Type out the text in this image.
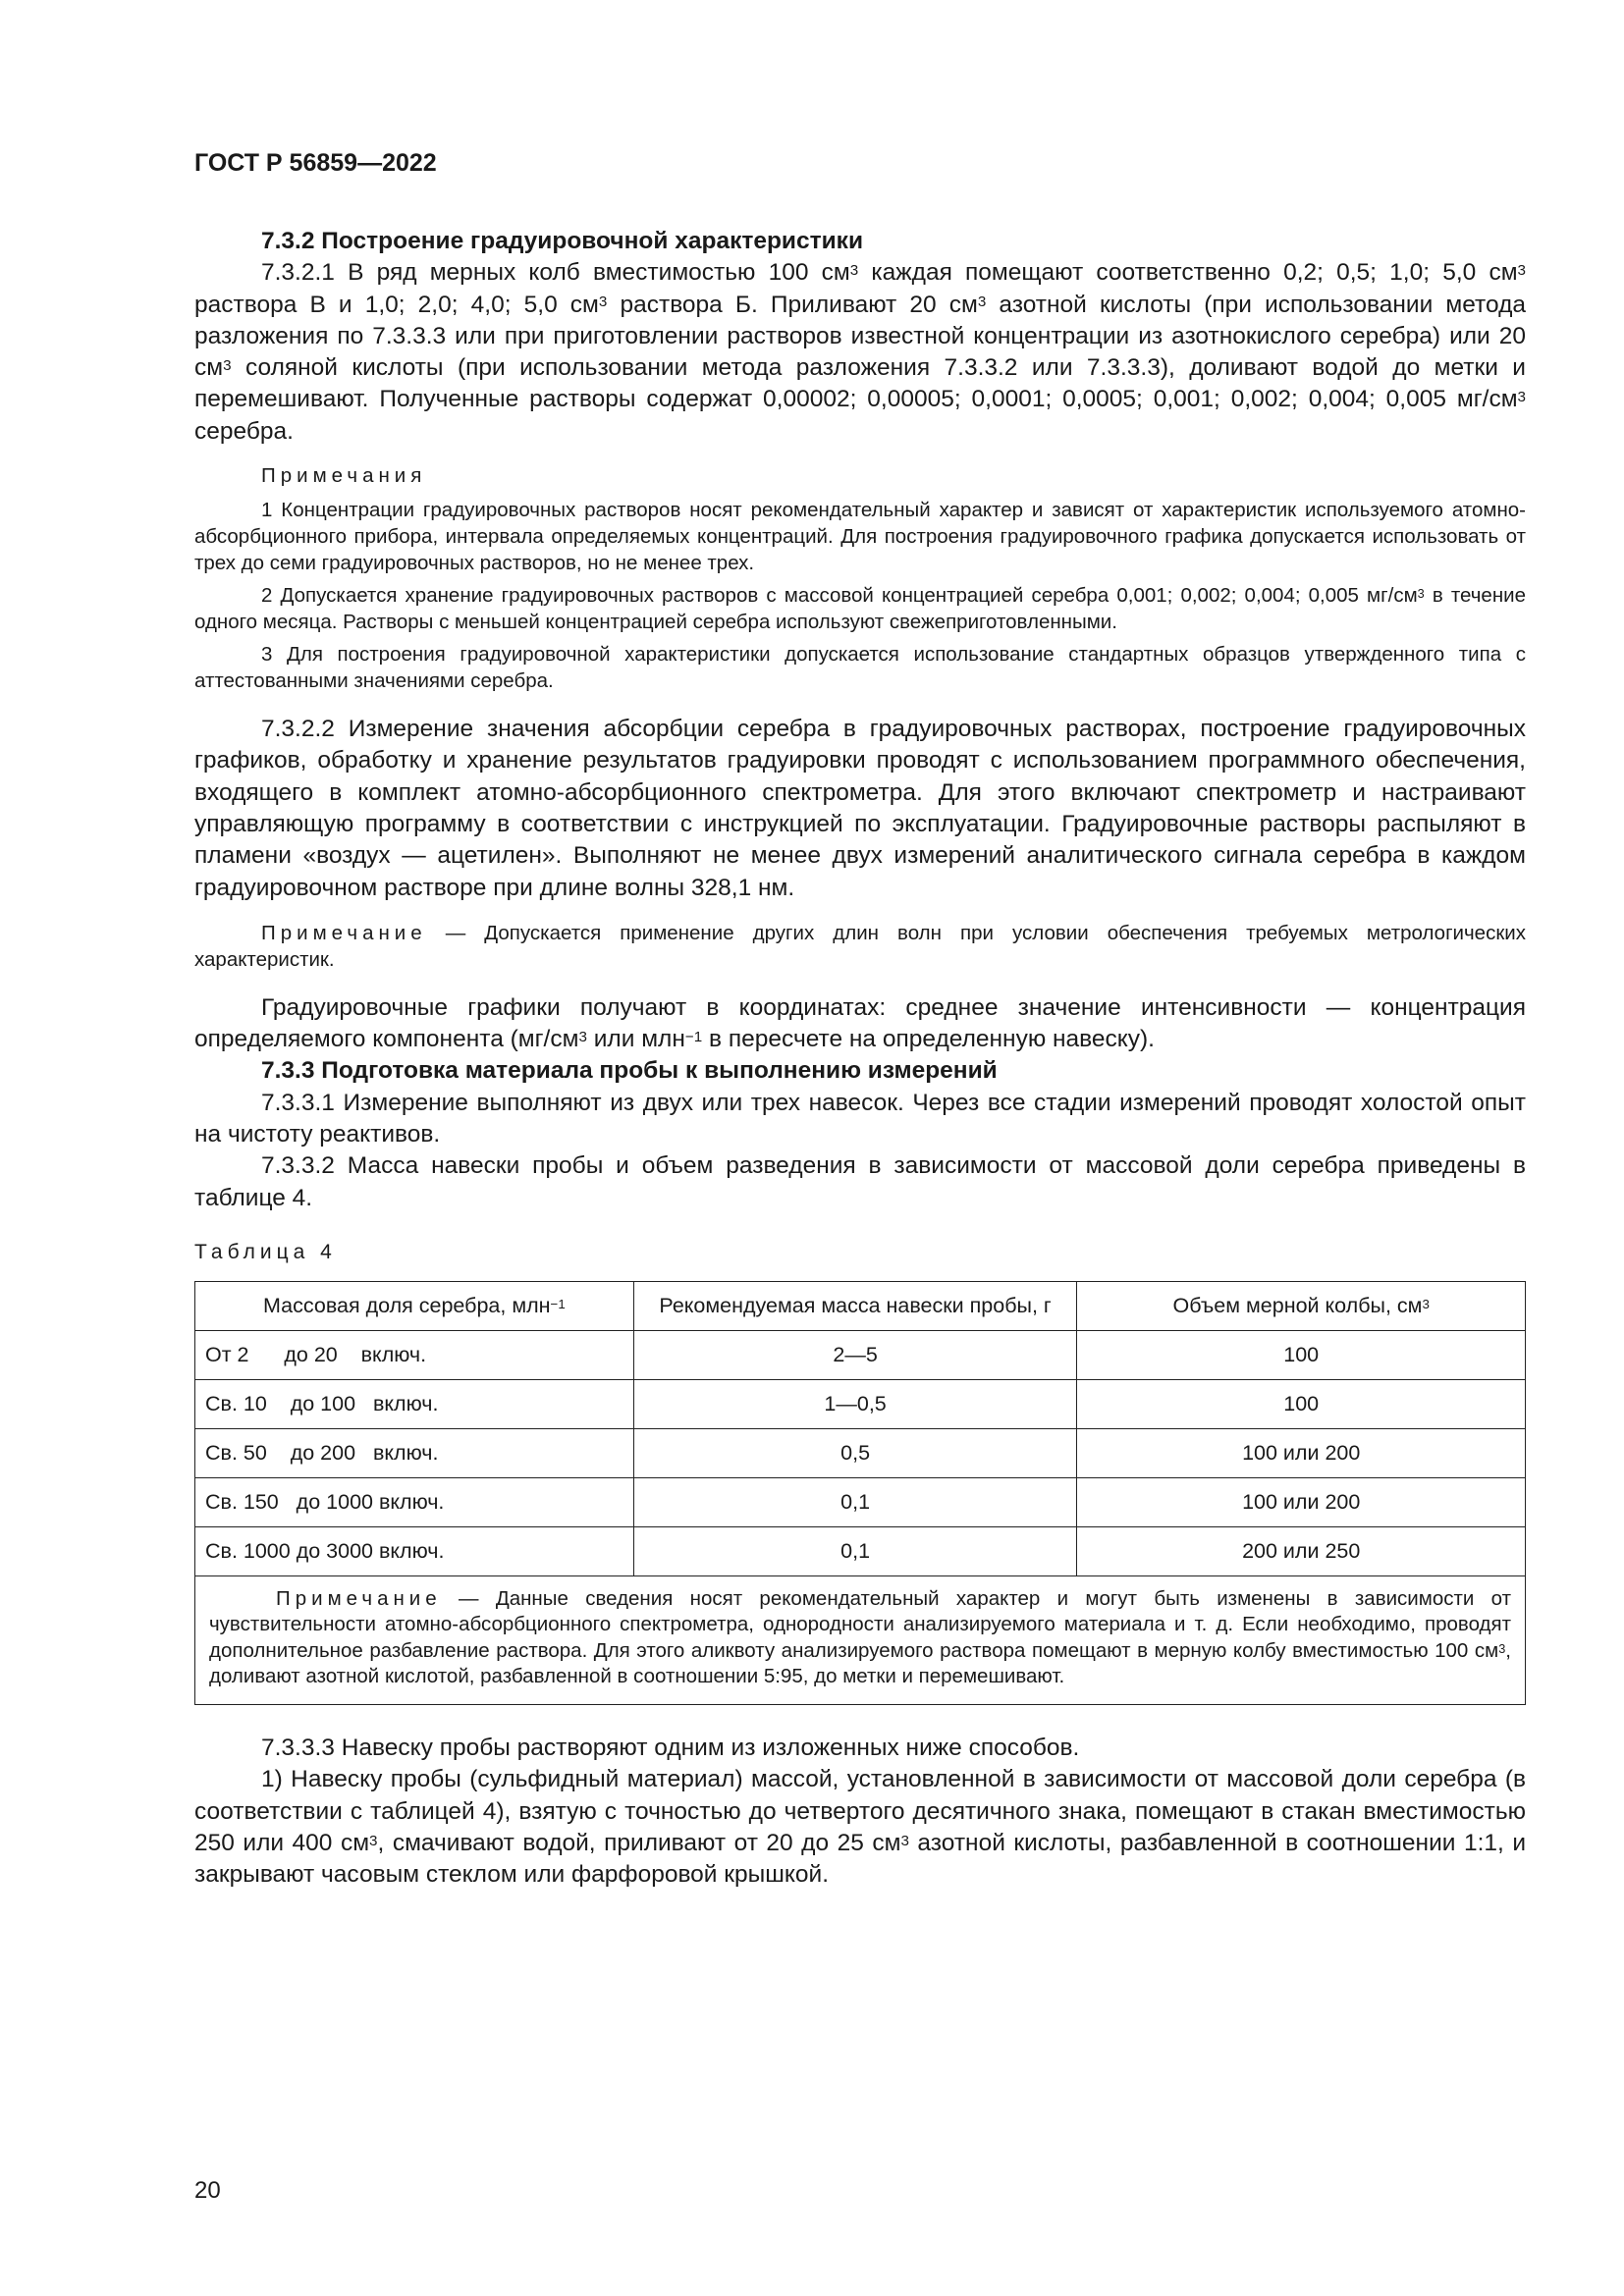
ГОСТ Р 56859—2022

7.3.2 Построение градуировочной характеристики

7.3.2.1 В ряд мерных колб вместимостью 100 $см^3$ каждая помещают соответственно 0,2; 0,5; 1,0; 5,0 $см^3$ раствора В и 1,0; 2,0; 4,0; 5,0 $см^3$ раствора Б. Приливают 20 $см^3$ азотной кислоты (при использовании метода разложения по 7.3.3.3 или при приготовлении растворов известной концентрации из азотнокислого серебра) или 20 $см^3$ соляной кислоты (при использовании метода разложения 7.3.3.2 или 7.3.3.3), доливают водой до метки и перемешивают. Полученные растворы содержат 0,00002; 0,00005; 0,0001; 0,0005; 0,001; 0,002; 0,004; 0,005 $мг/см^3$ серебра.

Примечания

1 Концентрации градуировочных растворов носят рекомендательный характер и зависят от характеристик используемого атомно-абсорбционного прибора, интервала определяемых концентраций. Для построения градуировочного графика допускается использовать от трех до семи градуировочных растворов, но не менее трех.

2 Допускается хранение градуировочных растворов с массовой концентрацией серебра 0,001; 0,002; 0,004; 0,005 $мг/см^3$ в течение одного месяца. Растворы с меньшей концентрацией серебра используют свежеприготовленными.

3 Для построения градуировочной характеристики допускается использование стандартных образцов утвержденного типа с аттестованными значениями серебра.

7.3.2.2 Измерение значения абсорбции серебра в градуировочных растворах, построение градуировочных графиков, обработку и хранение результатов градуировки проводят с использованием программного обеспечения, входящего в комплект атомно-абсорбционного спектрометра. Для этого включают спектрометр и настраивают управляющую программу в соответствии с инструкцией по эксплуатации. Градуировочные растворы распыляют в пламени «воздух — ацетилен». Выполняют не менее двух измерений аналитического сигнала серебра в каждом градуировочном растворе при длине волны 328,1 нм.

Примечание — Допускается применение других длин волн при условии обеспечения требуемых метрологических характеристик.

Градуировочные графики получают в координатах: среднее значение интенсивности — концентрация определяемого компонента ($мг/см^3$ или млн$^{-1}$ в пересчете на определенную навеску).

7.3.3 Подготовка материала пробы к выполнению измерений

7.3.3.1 Измерение выполняют из двух или трех навесок. Через все стадии измерений проводят холостой опыт на чистоту реактивов.

7.3.3.2 Масса навески пробы и объем разведения в зависимости от массовой доли серебра приведены в таблице 4.

Таблица 4

Массовая доля серебра, млн$^{-1}$	Рекомендуемая масса навески пробы, г	Объем мерной колбы, $см^3$
От 2      до 20    включ.	2—5	100
Св. 10    до 100   включ.	1—0,5	100
Св. 50    до 200   включ.	0,5	100 или 200
Св. 150   до 1000 включ.	0,1	100 или 200
Св. 1000 до 3000 включ.	0,1	200 или 250
Примечание — Данные сведения носят рекомендательный характер и могут быть изменены в зависимости от чувствительности атомно-абсорбционного спектрометра, однородности анализируемого материала и т. д. Если необходимо, проводят дополнительное разбавление раствора. Для этого аликвоту анализируемого раствора помещают в мерную колбу вместимостью 100 $см^3$, доливают азотной кислотой, разбавленной в соотношении 5:95, до метки и перемешивают.		

7.3.3.3 Навеску пробы растворяют одним из изложенных ниже способов.

1) Навеску пробы (сульфидный материал) массой, установленной в зависимости от массовой доли серебра (в соответствии с таблицей 4), взятую с точностью до четвертого десятичного знака, помещают в стакан вместимостью 250 или 400 $см^3$, смачивают водой, приливают от 20 до 25 $см^3$ азотной кислоты, разбавленной в соотношении 1:1, и закрывают часовым стеклом или фарфоровой крышкой.

20
